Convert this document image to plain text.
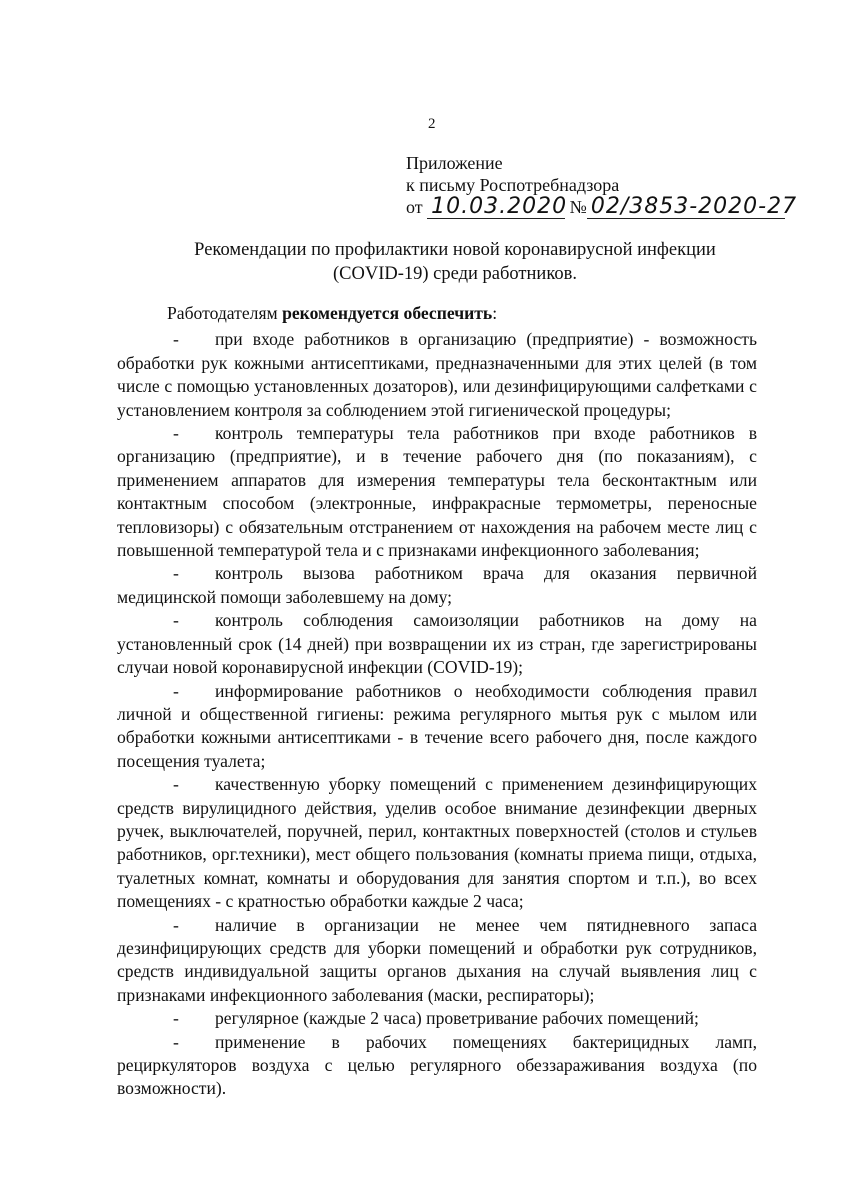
2
Приложение
к письму Роспотребнадзора
от 10.03.2020 № 02/3853-2020-27
Рекомендации по профилактики новой коронавирусной инфекции
(COVID-19) среди работников.

Работодателям рекомендуется обеспечить:

- при входе работников в организацию (предприятие) - возможность обработки рук кожными антисептиками, предназначенными для этих целей (в том числе с помощью установленных дозаторов), или дезинфицирующими салфетками с установлением контроля за соблюдением этой гигиенической процедуры;
- контроль температуры тела работников при входе работников в организацию (предприятие), и в течение рабочего дня (по показаниям), с применением аппаратов для измерения температуры тела бесконтактным или контактным способом (электронные, инфракрасные термометры, переносные тепловизоры) с обязательным отстранением от нахождения на рабочем месте лиц с повышенной температурой тела и с признаками инфекционного заболевания;
- контроль вызова работником врача для оказания первичной медицинской помощи заболевшему на дому;
- контроль соблюдения самоизоляции работников на дому на установленный срок (14 дней) при возвращении их из стран, где зарегистрированы случаи новой коронавирусной инфекции (COVID-19);
- информирование работников о необходимости соблюдения правил личной и общественной гигиены: режима регулярного мытья рук с мылом или обработки кожными антисептиками - в течение всего рабочего дня, после каждого посещения туалета;
- качественную уборку помещений с применением дезинфицирующих средств вирулицидного действия, уделив особое внимание дезинфекции дверных ручек, выключателей, поручней, перил, контактных поверхностей (столов и стульев работников, орг.техники), мест общего пользования (комнаты приема пищи, отдыха, туалетных комнат, комнаты и оборудования для занятия спортом и т.п.), во всех помещениях - с кратностью обработки каждые 2 часа;
- наличие в организации не менее чем пятидневного запаса дезинфицирующих средств для уборки помещений и обработки рук сотрудников, средств индивидуальной защиты органов дыхания на случай выявления лиц с признаками инфекционного заболевания (маски, респираторы);
- регулярное (каждые 2 часа) проветривание рабочих помещений;
- применение в рабочих помещениях бактерицидных ламп, рециркуляторов воздуха с целью регулярного обеззараживания воздуха (по возможности).
